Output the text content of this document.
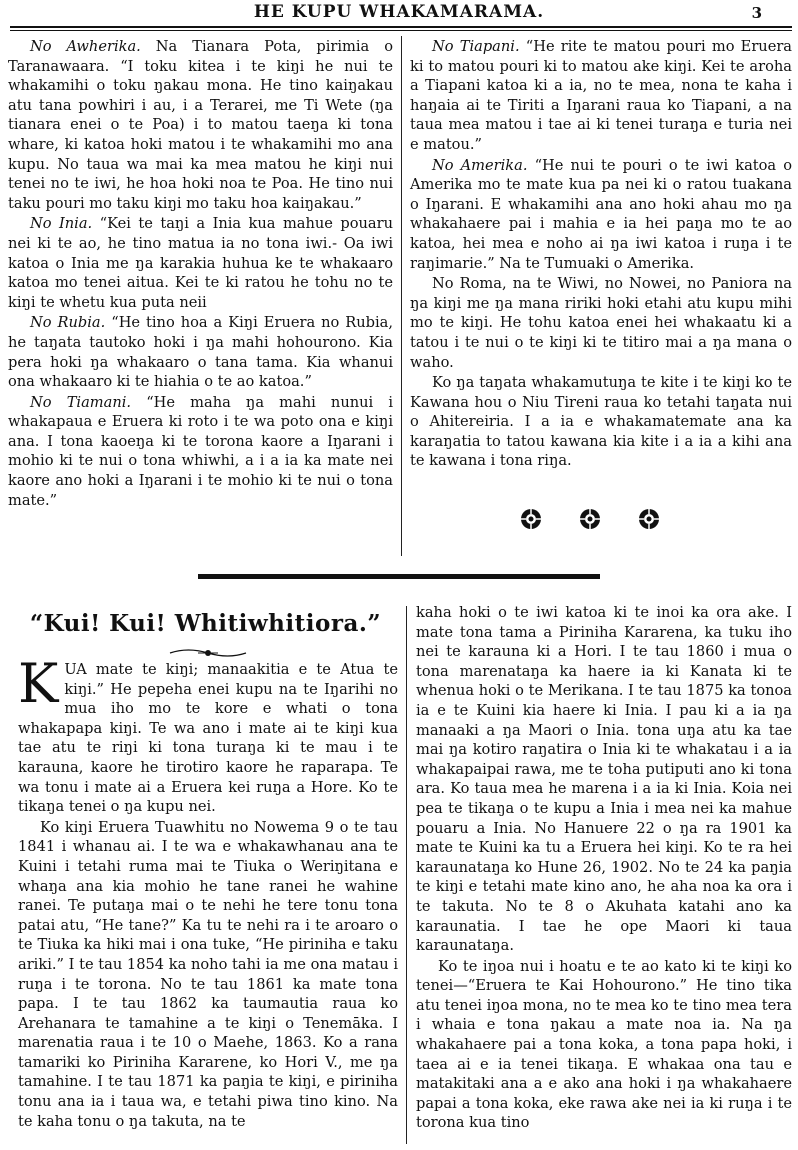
HE KUPU WHAKAMARAMA.	3

No Awherika. Na Tianara Pota, pirimia o Taranawaara. “I toku kitea i te kiŋi he nui te whakamihi o toku ŋakau mona. He tino kaiŋakau atu tana powhiri i au, i a Terarei, me Ti Wete (ŋa tianara enei o te Poa) i to matou taeŋa ki tona whare, ki katoa hoki matou i te whakamihi mo ana kupu. No taua wa mai ka mea matou he kiŋi nui tenei no te iwi, he hoa hoki noa te Poa. He tino nui taku pouri mo taku kiŋi mo taku hoa kaiŋakau.”

No Inia. “Kei te taŋi a Inia kua mahue pouaru nei ki te ao, he tino matua ia no tona iwi.- Oa iwi katoa o Inia me ŋa karakia huhua ke te whakaaro katoa mo tenei aitua. Kei te ki ratou he tohu no te kiŋi te whetu kua puta neii

No Rubia. “He tino hoa a Kiŋi Eruera no Rubia, he taŋata tautoko hoki i ŋa mahi hohourono. Kia pera hoki ŋa whakaaro o tana tama. Kia whanui ona whakaaro ki te hiahia o te ao katoa.”

No Tiamani. “He maha ŋa mahi nunui i whakapaua e Eruera ki roto i te wa poto ona e kiŋi ana. I tona kaoeŋa ki te torona kaore a Iŋarani i mohio ki te nui o tona whiwhi, a i a ia ka mate nei kaore ano hoki a Iŋarani i te mohio ki te nui o tona mate.”

No Tiapani. “He rite te matou pouri mo Eruera ki to matou pouri ki to matou ake kiŋi. Kei te aroha a Tiapani katoa ki a ia, no te mea, nona te kaha i haŋaia ai te Tiriti a Iŋarani raua ko Tiapani, a na taua mea matou i tae ai ki tenei turaŋa e turia nei e matou.”

No Amerika. “He nui te pouri o te iwi katoa o Amerika mo te mate kua pa nei ki o ratou tuakana o Iŋarani. E whakamihi ana ano hoki ahau mo ŋa whakahaere pai i mahia e ia hei paŋa mo te ao katoa, hei mea e noho ai ŋa iwi katoa i ruŋa i te raŋimarie.” Na te Tumuaki o Amerika.

No Roma, na te Wiwi, no Nowei, no Paniora na ŋa kiŋi me ŋa mana ririki hoki etahi atu kupu mihi mo te kiŋi. He tohu katoa enei hei whakaatu ki a tatou i te nui o te kiŋi ki te titiro mai a ŋa mana o waho.

Ko ŋa taŋata whakamutuŋa te kite i te kiŋi ko te Kawana hou o Niu Tireni raua ko tetahi taŋata nui o Ahitereiria. I a ia e whakamatemate ana ka karaŋatia to tatou kawana kia kite i a ia a kihi ana te kawana i tona riŋa.

“Kui! Kui! Whitiwhitiora.”

KUA mate te kiŋi; manaakitia e te Atua te kiŋi.” He pepeha enei kupu na te Iŋarihi no mua iho mo te kore e whati o tona whakapapa kiŋi. Te wa ano i mate ai te kiŋi kua tae atu te riŋi ki tona turaŋa ki te mau i te karauna, kaore he tirotiro kaore he raparapa. Te wa tonu i mate ai a Eruera kei ruŋa a Hore. Ko te tikaŋa tenei o ŋa kupu nei.

Ko kiŋi Eruera Tuawhitu no Nowema 9 o te tau 1841 i whanau ai. I te wa e whakawhanau ana te Kuini i tetahi ruma mai te Tiuka o Weriŋitana e whaŋa ana kia mohio he tane ranei he wahine ranei. Te putaŋa mai o te nehi he tere tonu tona patai atu, “He tane?” Ka tu te nehi ra i te aroaro o te Tiuka ka hiki mai i ona tuke, “He piriniha e taku ariki.” I te tau 1854 ka noho tahi ia me ona matau i ruŋa i te torona. No te tau 1861 ka mate tona papa. I te tau 1862 ka taumautia raua ko Arehanara te tamahine a te kiŋi o Tenemāka. I marenatia raua i te 10 o Maehe, 1863. Ko a rana tamariki ko Piriniha Kararene, ko Hori V., me ŋa tamahine. I te tau 1871 ka paŋia te kiŋi, e piriniha tonu ana ia i taua wa, e tetahi piwa tino kino. Na te kaha tonu o ŋa takuta, na te

kaha hoki o te iwi katoa ki te inoi ka ora ake. I mate tona tama a Piriniha Kararena, ka tuku iho nei te karauna ki a Hori. I te tau 1860 i mua o tona marenataŋa ka haere ia ki Kanata ki te whenua hoki o te Merikana. I te tau 1875 ka tonoa ia e te Kuini kia haere ki Inia. I pau ki a ia ŋa manaaki a ŋa Maori o Inia. tona uŋa atu ka tae mai ŋa kotiro raŋatira o Inia ki te whakatau i a ia whakapaipai rawa, me te toha putiputi ano ki tona ara. Ko taua mea he marena i a ia ki Inia. Koia nei pea te tikaŋa o te kupu a Inia i mea nei ka mahue pouaru a Inia. No Hanuere 22 o ŋa ra 1901 ka mate te Kuini ka tu a Eruera hei kiŋi. Ko te ra hei karaunataŋa ko Hune 26, 1902. No te 24 ka paŋia te kiŋi e tetahi mate kino ano, he aha noa ka ora i te takuta. No te 8 o Akuhata katahi ano ka karaunatia. I tae he ope Maori ki taua karaunataŋa.

Ko te iŋoa nui i hoatu e te ao kato ki te kiŋi ko tenei—“Eruera te Kai Hohourono.” He tino tika atu tenei iŋoa mona, no te mea ko te tino mea tera i whaia e tona ŋakau a mate noa ia. Na ŋa whakahaere pai a tona koka, a tona papa hoki, i taea ai e ia tenei tikaŋa. E whakaa ona tau e matakitaki ana a e ako ana hoki i ŋa whakahaere papai a tona koka, eke rawa ake nei ia ki ruŋa i te torona kua tino
